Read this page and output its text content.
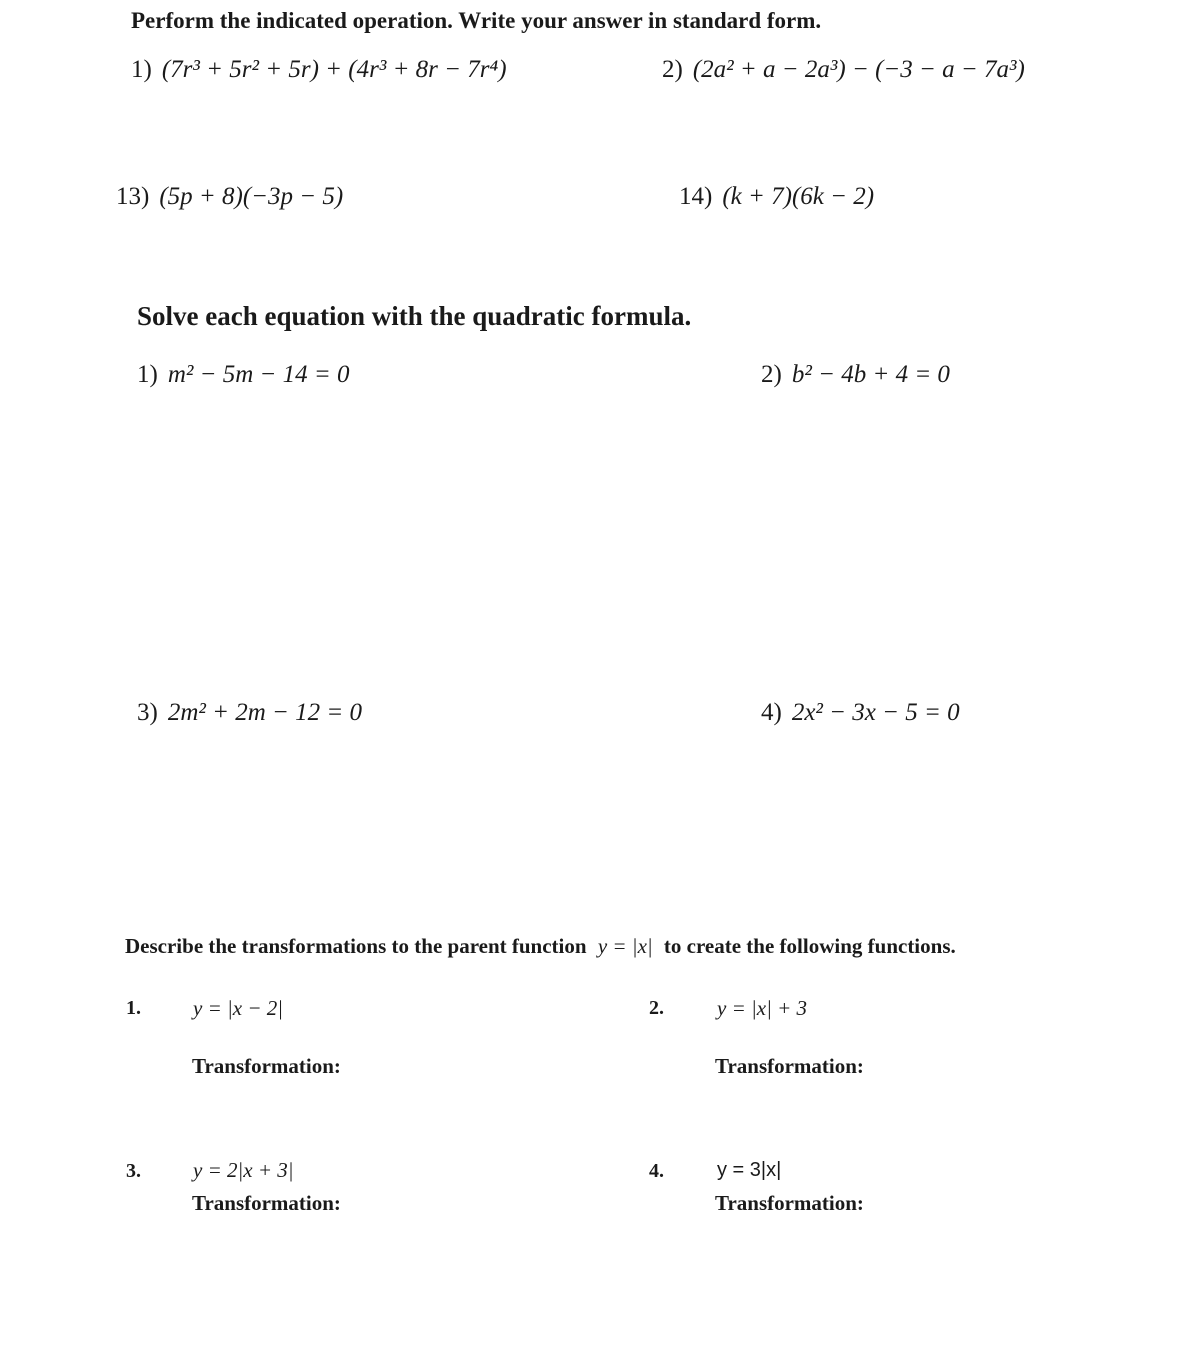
Perform the indicated operation. Write your answer in standard form.
1) (7r³ + 5r² + 5r) + (4r³ + 8r − 7r⁴)	2) (2a² + a − 2a³) − (−3 − a − 7a³)
13) (5p + 8)(−3p − 5)	14) (k + 7)(6k − 2)
Solve each equation with the quadratic formula.
1) m² − 5m − 14 = 0	2) b² − 4b + 4 = 0
3) 2m² + 2m − 12 = 0	4) 2x² − 3x − 5 = 0
Describe the transformations to the parent function y = |x| to create the following functions.
1. y = |x − 2|
Transformation:
2.	y = |x| + 3
Transformation:
3. y = 2|x + 3|
Transformation:
4.	y = 3|x|
Transformation:
